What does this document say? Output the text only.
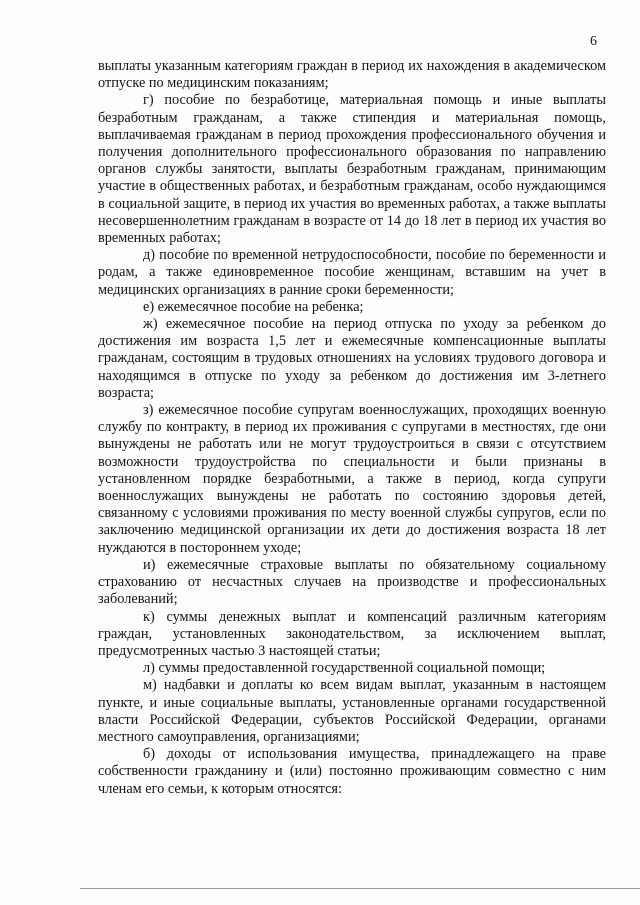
6

выплаты указанным категориям граждан в период их нахождения в академическом отпуске по медицинским показаниям;

г) пособие по безработице, материальная помощь и иные выплаты безработным гражданам, а также стипендия и материальная помощь, выплачиваемая гражданам в период прохождения профессионального обучения и получения дополнительного профессионального образования по направлению органов службы занятости, выплаты безработным гражданам, принимающим участие в общественных работах, и безработным гражданам, особо нуждающимся в социальной защите, в период их участия во временных работах, а также выплаты несовершеннолетним гражданам в возрасте от 14 до 18 лет в период их участия во временных работах;

д) пособие по временной нетрудоспособности, пособие по беременности и родам, а также единовременное пособие женщинам, вставшим на учет в медицинских организациях в ранние сроки беременности;

е) ежемесячное пособие на ребенка;

ж) ежемесячное пособие на период отпуска по уходу за ребенком до достижения им возраста 1,5 лет и ежемесячные компенсационные выплаты гражданам, состоящим в трудовых отношениях на условиях трудового договора и находящимся в отпуске по уходу за ребенком до достижения им 3-летнего возраста;

з) ежемесячное пособие супругам военнослужащих, проходящих военную службу по контракту, в период их проживания с супругами в местностях, где они вынуждены не работать или не могут трудоустроиться в связи с отсутствием возможности трудоустройства по специальности и были признаны в установленном порядке безработными, а также в период, когда супруги военнослужащих вынуждены не работать по состоянию здоровья детей, связанному с условиями проживания по месту военной службы супругов, если по заключению медицинской организации их дети до достижения возраста 18 лет нуждаются в постороннем уходе;

и) ежемесячные страховые выплаты по обязательному социальному страхованию от несчастных случаев на производстве и профессиональных заболеваний;

к) суммы денежных выплат и компенсаций различным категориям граждан, установленных законодательством, за исключением выплат, предусмотренных частью 3 настоящей статьи;

л) суммы предоставленной государственной социальной помощи;

м) надбавки и доплаты ко всем видам выплат, указанным в настоящем пункте, и иные социальные выплаты, установленные органами государственной власти Российской Федерации, субъектов Российской Федерации, органами местного самоуправления, организациями;

б) доходы от использования имущества, принадлежащего на праве собственности гражданину и (или) постоянно проживающим совместно с ним членам его семьи, к которым относятся:
